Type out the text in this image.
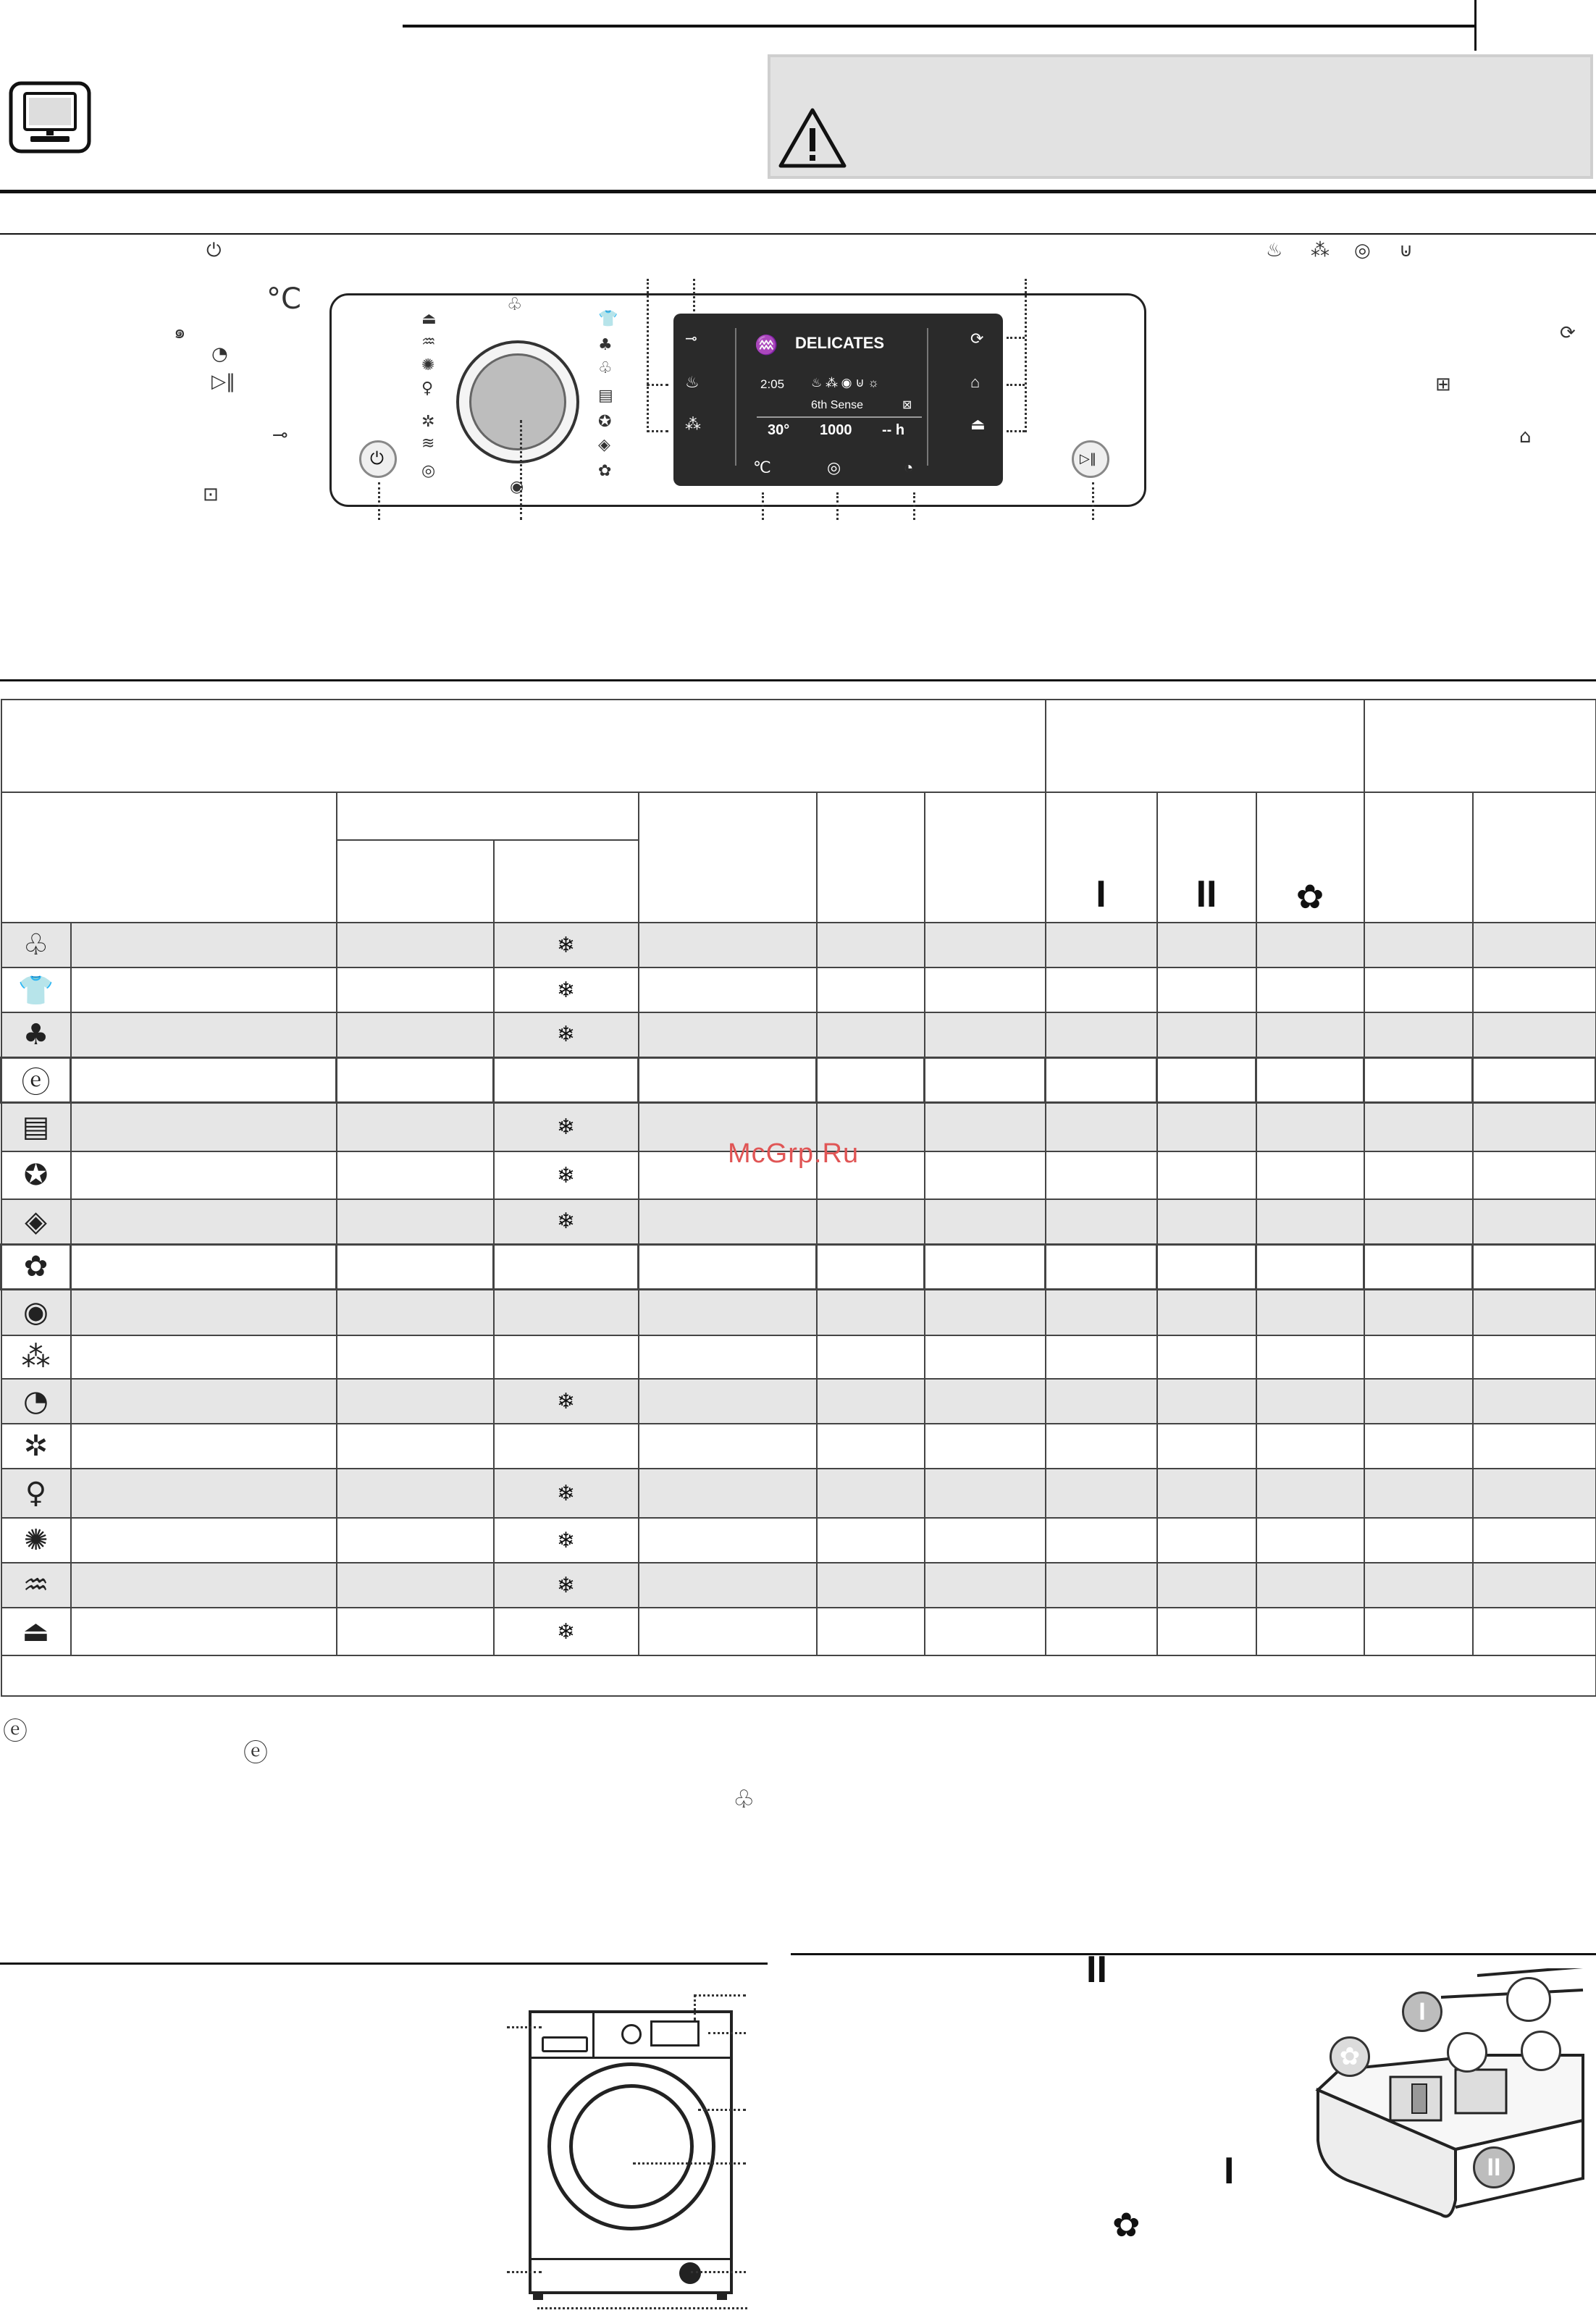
⏻
°C
๑
◔
▷‖
⊸
⊡
♨ ⁂ ◎ ⊍
⟳
⊞
⌂
⏻
⏏
♒
✺
♀
✲
≋
◎
♧
◉
👕
♣
♧
▤
✪
◈
✿
⊸
♨
⁂
⟳
⌂
⏏
♒ DELICATES
2:05 ♨ ⁂ ◉ ⊍ ☼
6th Sense	⊠
30° 1000 -- h
℃	◎	◔	▷‖

							I	II	✿		

♧			❄								
👕			❄								
♣			❄								
ⓔ											
▤			❄								
✪			❄								
◈			❄								
✿											
◉											
⁂											
◔			❄								
✲											
♀			❄								
✺			❄								
♒			❄								
⏏			❄								

McGrp.Ru
ⓔ
ⓔ
♧
II
I
✿
✿
I
II
